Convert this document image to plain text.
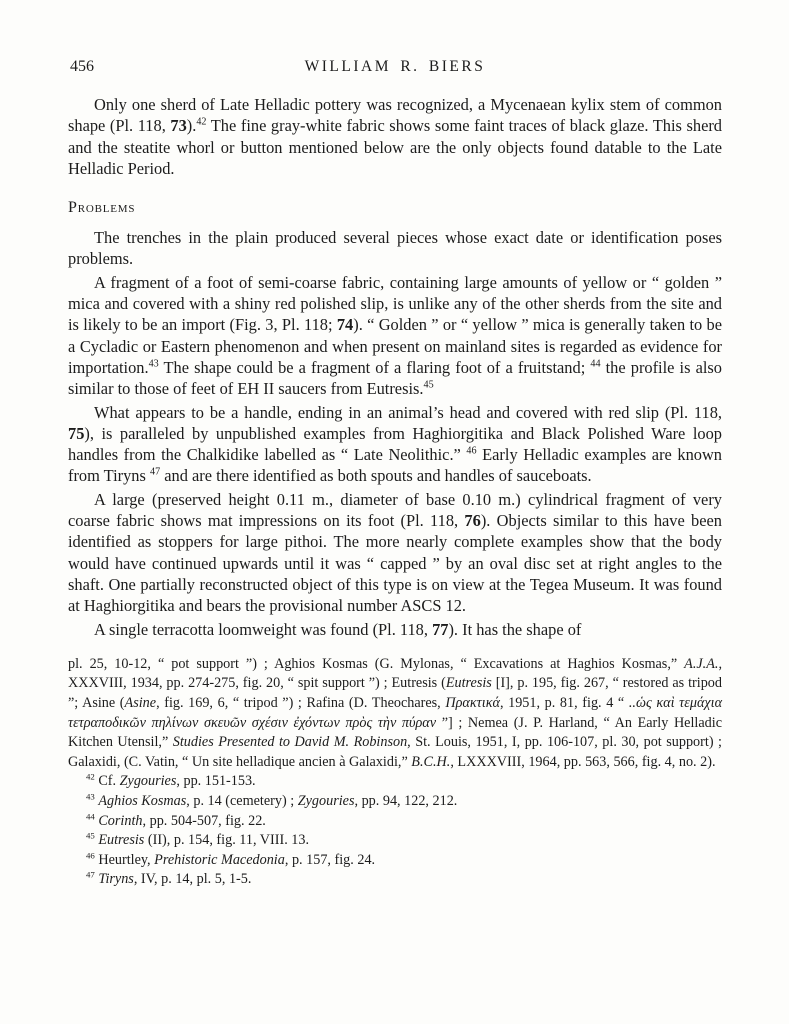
456	WILLIAM R. BIERS

Only one sherd of Late Helladic pottery was recognized, a Mycenaean kylix stem of common shape (Pl. 118, 73).$^{42}$ The fine gray-white fabric shows some faint traces of black glaze. This sherd and the steatite whorl or button mentioned below are the only objects found datable to the Late Helladic Period.

Problems

The trenches in the plain produced several pieces whose exact date or identification poses problems.

A fragment of a foot of semi-coarse fabric, containing large amounts of yellow or “ golden ” mica and covered with a shiny red polished slip, is unlike any of the other sherds from the site and is likely to be an import (Fig. 3, Pl. 118; 74). “ Golden ” or “ yellow ” mica is generally taken to be a Cycladic or Eastern phenomenon and when present on mainland sites is regarded as evidence for importation.$^{43}$ The shape could be a fragment of a flaring foot of a fruitstand; $^{44}$ the profile is also similar to those of feet of EH II saucers from Eutresis.$^{45}$

What appears to be a handle, ending in an animal’s head and covered with red slip (Pl. 118, 75), is paralleled by unpublished examples from Haghiorgitika and Black Polished Ware loop handles from the Chalkidike labelled as “ Late Neolithic.” $^{46}$ Early Helladic examples are known from Tiryns $^{47}$ and are there identified as both spouts and handles of sauceboats.

A large (preserved height 0.11 m., diameter of base 0.10 m.) cylindrical fragment of very coarse fabric shows mat impressions on its foot (Pl. 118, 76). Objects similar to this have been identified as stoppers for large pithoi. The more nearly complete examples show that the body would have continued upwards until it was “ capped ” by an oval disc set at right angles to the shaft. One partially reconstructed object of this type is on view at the Tegea Museum. It was found at Haghiorgitika and bears the provisional number ASCS 12.

A single terracotta loomweight was found (Pl. 118, 77). It has the shape of

pl. 25, 10-12, “ pot support ”) ; Aghios Kosmas (G. Mylonas, “ Excavations at Haghios Kosmas,” A.J.A., XXXVIII, 1934, pp. 274-275, fig. 20, “ spit support ”) ; Eutresis (Eutresis [I], p. 195, fig. 267, “ restored as tripod ”; Asine (Asine, fig. 169, 6, “ tripod ”) ; Rafina (D. Theochares, Πρακτικά, 1951, p. 81, fig. 4 “ ..ὡς καὶ τεμάχια τετραποδικῶν πηλίνων σκευῶν σχέσιν ἐχόντων πρὸς τὴν πύραν ”] ; Nemea (J. P. Harland, “ An Early Helladic Kitchen Utensil,” Studies Presented to David M. Robinson, St. Louis, 1951, I, pp. 106-107, pl. 30, pot support) ; Galaxidi, (C. Vatin, “ Un site helladique ancien à Galaxidi,” B.C.H., LXXXVIII, 1964, pp. 563, 566, fig. 4, no. 2).

$^{42}$ Cf. Zygouries, pp. 151-153.

$^{43}$ Aghios Kosmas, p. 14 (cemetery) ; Zygouries, pp. 94, 122, 212.

$^{44}$ Corinth, pp. 504-507, fig. 22.

$^{45}$ Eutresis (II), p. 154, fig. 11, VIII. 13.

$^{46}$ Heurtley, Prehistoric Macedonia, p. 157, fig. 24.

$^{47}$ Tiryns, IV, p. 14, pl. 5, 1-5.
